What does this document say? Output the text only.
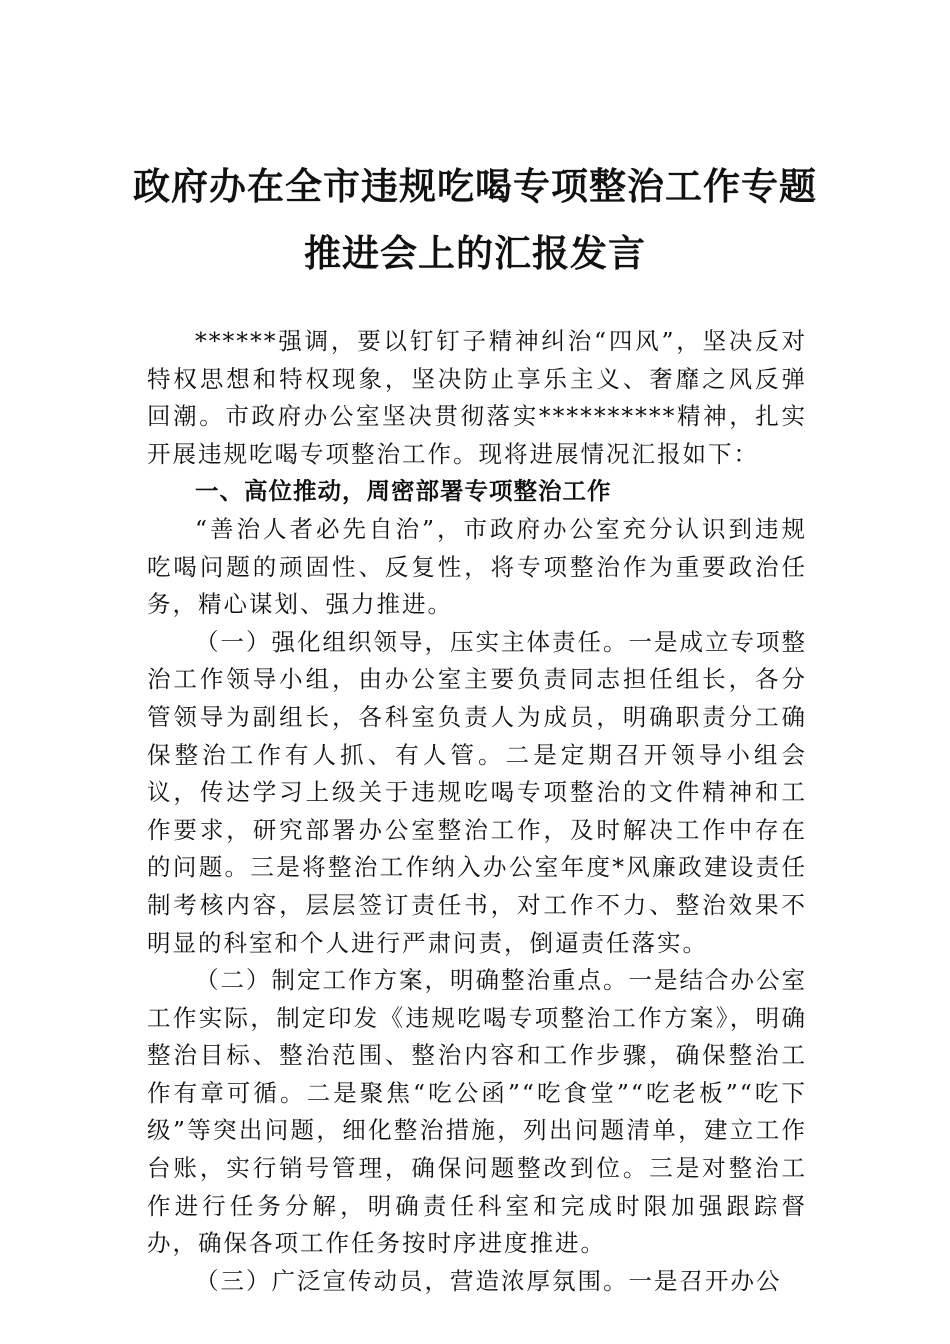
政府办在全市违规吃喝专项整治工作专题
推进会上的汇报发言

******强调，要以钉钉子精神纠治“四风”，坚决反对特权思想和特权现象，坚决防止享乐主义、奢靡之风反弹回潮。市政府办公室坚决贯彻落实**********精神，扎实开展违规吃喝专项整治工作。现将进展情况汇报如下：

一、高位推动，周密部署专项整治工作

“善治人者必先自治”，市政府办公室充分认识到违规吃喝问题的顽固性、反复性，将专项整治作为重要政治任务，精心谋划、强力推进。

（一）强化组织领导，压实主体责任。一是成立专项整治工作领导小组，由办公室主要负责同志担任组长，各分管领导为副组长，各科室负责人为成员，明确职责分工确保整治工作有人抓、有人管。二是定期召开领导小组会议，传达学习上级关于违规吃喝专项整治的文件精神和工作要求，研究部署办公室整治工作，及时解决工作中存在的问题。三是将整治工作纳入办公室年度*风廉政建设责任制考核内容，层层签订责任书，对工作不力、整治效果不明显的科室和个人进行严肃问责，倒逼责任落实。

（二）制定工作方案，明确整治重点。一是结合办公室工作实际，制定印发《违规吃喝专项整治工作方案》，明确整治目标、整治范围、整治内容和工作步骤，确保整治工作有章可循。二是聚焦“吃公函”“吃食堂”“吃老板”“吃下级”等突出问题，细化整治措施，列出问题清单，建立工作台账，实行销号管理，确保问题整改到位。三是对整治工作进行任务分解，明确责任科室和完成时限加强跟踪督办，确保各项工作任务按时序进度推进。

（三）广泛宣传动员，营造浓厚氛围。一是召开办公
